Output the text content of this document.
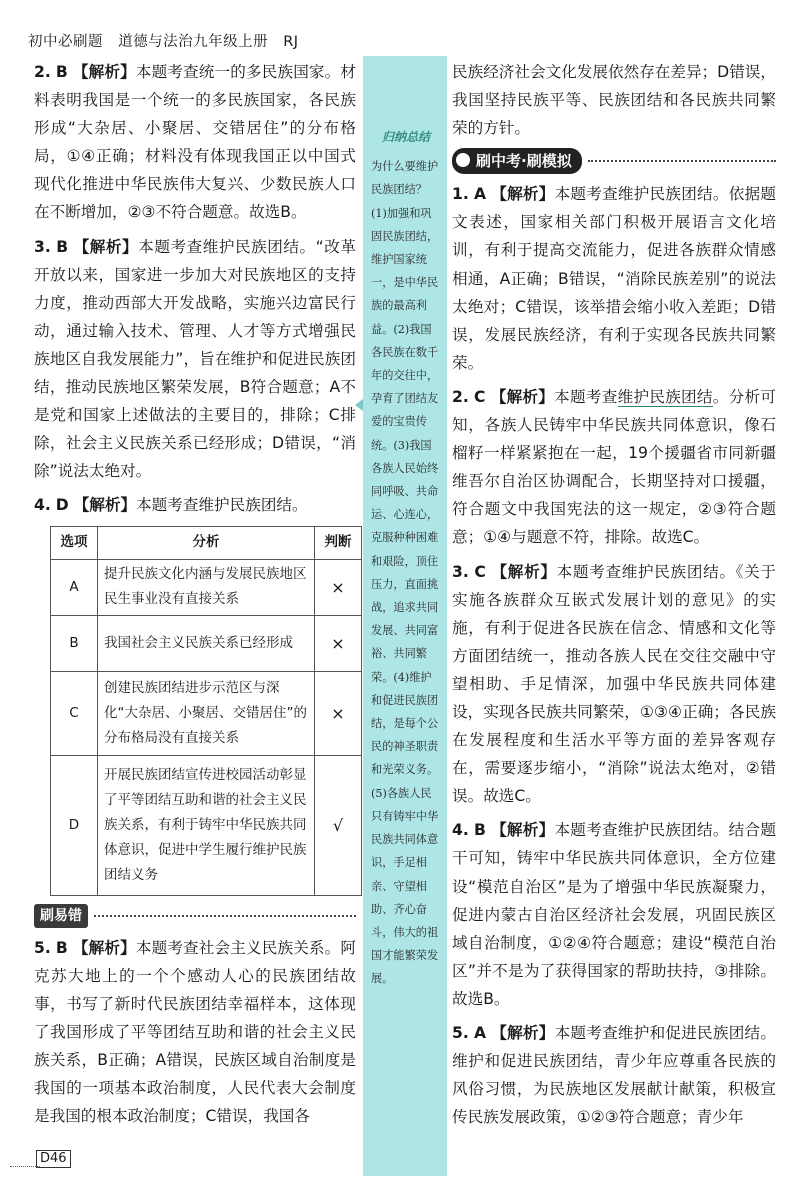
初中必刷题 道德与法治九年级上册 RJ
2. B 【解析】本题考查统一的多民族国家。材料表明我国是一个统一的多民族国家，各民族形成“大杂居、小聚居、交错居住”的分布格局，①④正确；材料没有体现我国正以中国式现代化推进中华民族伟大复兴、少数民族人口在不断增加，②③不符合题意。故选B。
3. B 【解析】本题考查维护民族团结。“改革开放以来，国家进一步加大对民族地区的支持力度，推动西部大开发战略，实施兴边富民行动，通过输入技术、管理、人才等方式增强民族地区自我发展能力”，旨在维护和促进民族团结，推动民族地区繁荣发展，B符合题意；A不是党和国家上述做法的主要目的，排除；C排除，社会主义民族关系已经形成；D错误，“消除”说法太绝对。
4. D 【解析】本题考查维护民族团结。
选项	分析	判断
A	提升民族文化内涵与发展民族地区民生事业没有直接关系	×
B	我国社会主义民族关系已经形成	×
C	创建民族团结进步示范区与深化“大杂居、小聚居、交错居住”的分布格局没有直接关系	×
D	开展民族团结宣传进校园活动彰显了平等团结互助和谐的社会主义民族关系，有利于铸牢中华民族共同体意识，促进中学生履行维护民族团结义务	√
刷易错
5. B 【解析】本题考查社会主义民族关系。阿克苏大地上的一个个感动人心的民族团结故事，书写了新时代民族团结幸福样本，这体现了我国形成了平等团结互助和谐的社会主义民族关系，B正确；A错误，民族区域自治制度是我国的一项基本政治制度，人民代表大会制度是我国的根本政治制度；C错误，我国各
归纳总结
为什么要维护民族团结？(1)加强和巩固民族团结，维护国家统一，是中华民族的最高利益。(2)我国各民族在数千年的交往中，孕育了团结友爱的宝贵传统。(3)我国各族人民始终同呼吸、共命运、心连心，克服种种困难和艰险，顶住压力，直面挑战，追求共同发展、共同富裕、共同繁荣。(4)维护和促进民族团结，是每个公民的神圣职责和光荣义务。(5)各族人民只有铸牢中华民族共同体意识，手足相亲、守望相助、齐心奋斗，伟大的祖国才能繁荣发展。
民族经济社会文化发展依然存在差异；D错误，我国坚持民族平等、民族团结和各民族共同繁荣的方针。
刷中考·刷模拟
1. A 【解析】本题考查维护民族团结。依据题文表述，国家相关部门积极开展语言文化培训，有利于提高交流能力，促进各族群众情感相通，A正确；B错误，“消除民族差别”的说法太绝对；C错误，该举措会缩小收入差距；D错误，发展民族经济，有利于实现各民族共同繁荣。
2. C 【解析】本题考查维护民族团结。分析可知，各族人民铸牢中华民族共同体意识，像石榴籽一样紧紧抱在一起，19个援疆省市同新疆维吾尔自治区协调配合，长期坚持对口援疆，符合题文中我国宪法的这一规定，②③符合题意；①④与题意不符，排除。故选C。
3. C 【解析】本题考查维护民族团结。《关于实施各族群众互嵌式发展计划的意见》的实施，有利于促进各民族在信念、情感和文化等方面团结统一，推动各族人民在交往交融中守望相助、手足情深，加强中华民族共同体建设，实现各民族共同繁荣，①③④正确；各民族在发展程度和生活水平等方面的差异客观存在，需要逐步缩小，“消除”说法太绝对，②错误。故选C。
4. B 【解析】本题考查维护民族团结。结合题干可知，铸牢中华民族共同体意识，全方位建设“模范自治区”是为了增强中华民族凝聚力，促进内蒙古自治区经济社会发展，巩固民族区域自治制度，①②④符合题意；建设“模范自治区”并不是为了获得国家的帮助扶持，③排除。故选B。
5. A 【解析】本题考查维护和促进民族团结。维护和促进民族团结，青少年应尊重各民族的风俗习惯，为民族地区发展献计献策，积极宣传民族发展政策，①②③符合题意；青少年
D46
